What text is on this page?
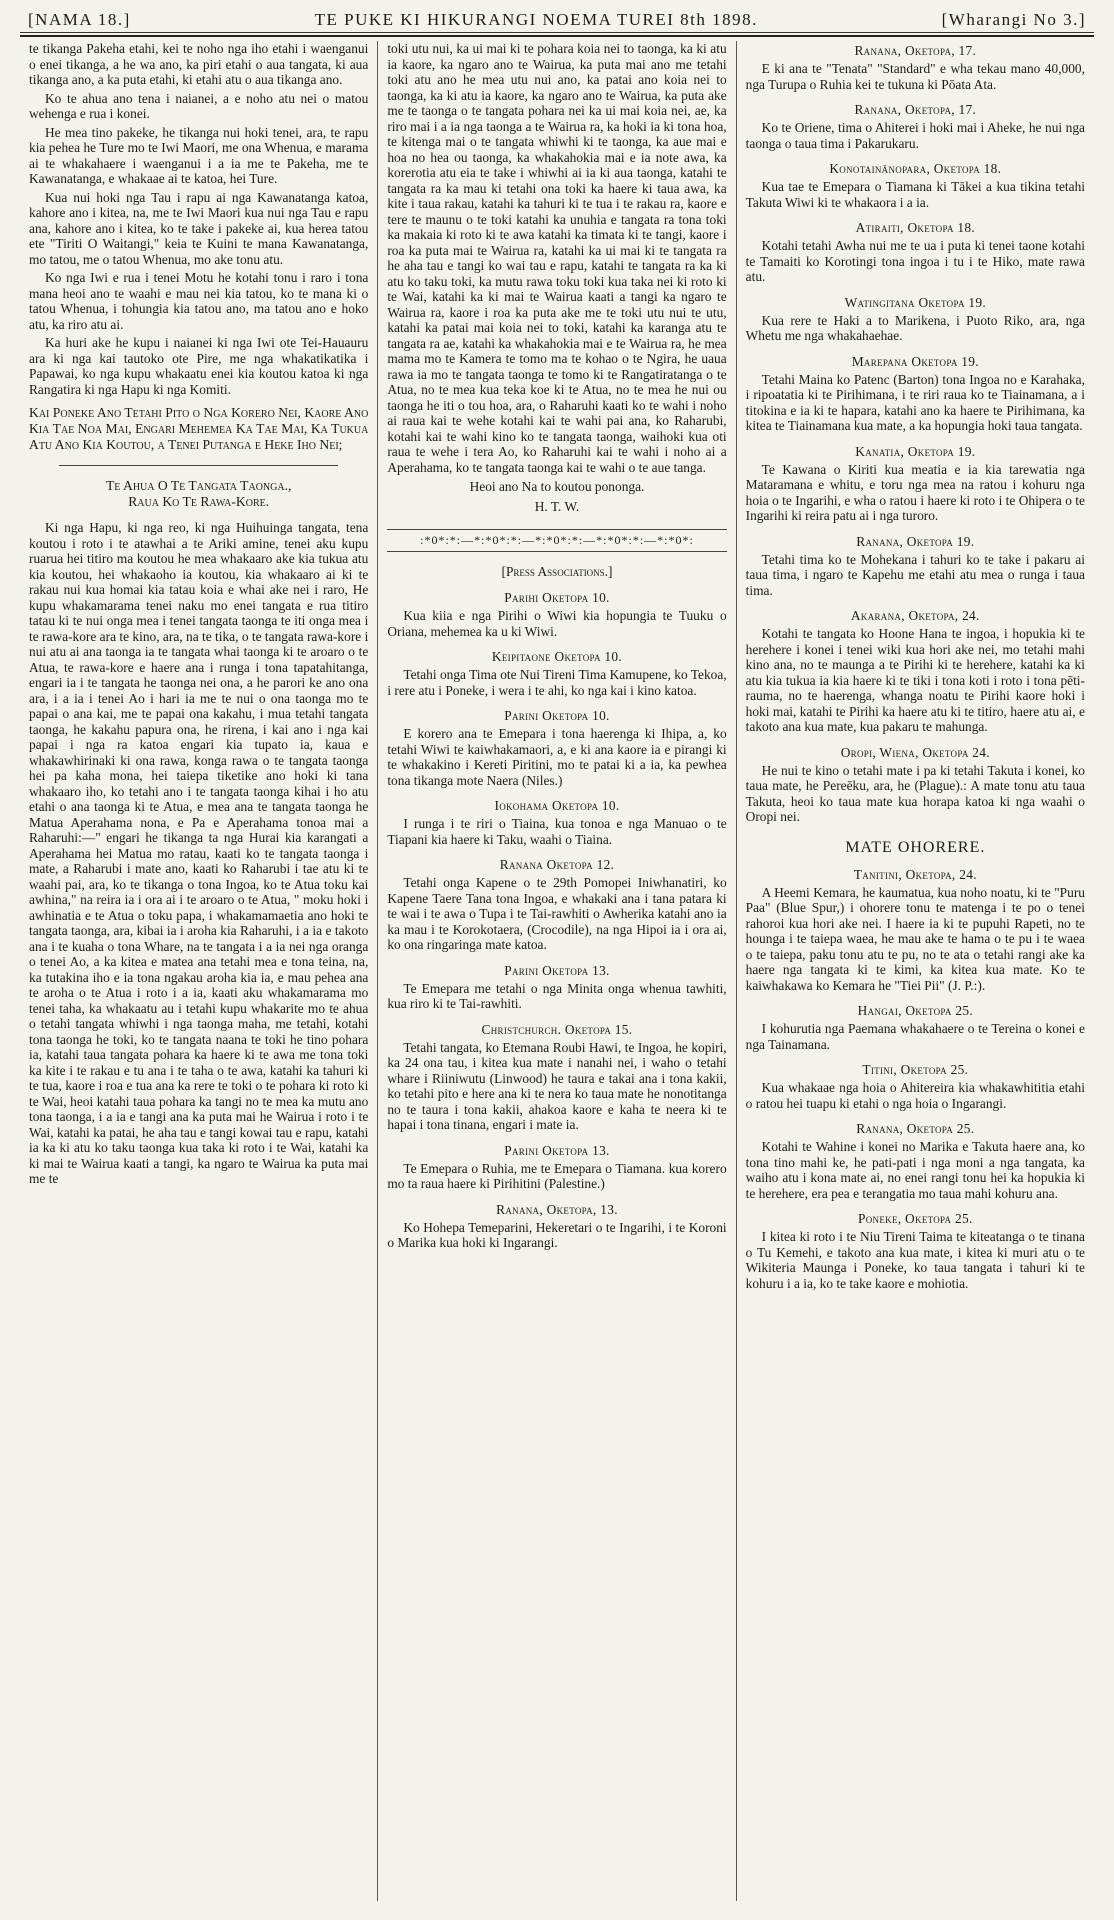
[NAMA 18.]	TE PUKE KI HIKURANGI NOEMA TUREI 8th 1898.	[Wharangi No 3.]

te tikanga Pakeha etahi, kei te noho nga iho etahi i waenganui o enei tikanga, a he wa ano, ka piri etahi o aua tangata, ki aua tikanga ano, a ka puta etahi, ki etahi atu o aua tikanga ano.

Ko te ahua ano tena i naianei, a e noho atu nei o matou wehenga e rua i konei.

He mea tino pakeke, he tikanga nui hoki tenei, ara, te rapu kia pehea he Ture mo te Iwi Maori, me ona Whenua, e marama ai te whakahaere i waenganui i a ia me te Pakeha, me te Kawanatanga, e whakaae ai te katoa, hei Ture.

Kua nui hoki nga Tau i rapu ai nga Kawanatanga katoa, kahore ano i kitea, na, me te Iwi Maori kua nui nga Tau e rapu ana, kahore ano i kitea, ko te take i pakeke ai, kua herea tatou ete "Tiriti O Waitangi," keia te Kuini te mana Kawanatanga, mo tatou, me o tatou Whenua, mo ake tonu atu.

Ko nga Iwi e rua i tenei Motu he kotahi tonu i raro i tona mana heoi ano te waahi e mau nei kia tatou, ko te mana ki o tatou Whenua, i tohungia kia tatou ano, ma tatou ano e hoko atu, ka riro atu ai.

Ka huri ake he kupu i naianei ki nga Iwi ote Tei-Hauauru ara ki nga kai tautoko ote Pire, me nga whakatikatika i Papawai, ko nga kupu whakaatu enei kia koutou katoa ki nga Rangatira ki nga Hapu ki nga Komiti.

Kai Poneke Ano Tetahi Pito o Nga Korero Nei, Kaore Ano Kia Tae Noa Mai, Engari Mehemea Ka Tae Mai, Ka Tukua Atu Ano Kia Koutou, a Tenei Putanga e Heke Iho Nei;
Te Ahua O Te Tangata Taonga.,
Raua Ko Te Rawa-Kore.

Ki nga Hapu, ki nga reo, ki nga Huihuinga tangata, tena koutou i roto i te atawhai a te Ariki amine, tenei aku kupu ruarua hei titiro ma koutou he mea whakaaro ake kia tukua atu kia koutou, hei whakaoho ia koutou, kia whakaaro ai ki te rakau nui kua homai kia tatau koia e whai ake nei i raro, He kupu whakamarama tenei naku mo enei tangata e rua titiro tatau ki te nui onga mea i tenei tangata taonga te iti onga mea i te rawa-kore ara te kino, ara, na te tika, o te tangata rawa-kore i nui atu ai ana taonga ia te tangata whai taonga ki te aroaro o te Atua, te rawa-kore e haere ana i runga i tona tapatahitanga, engari ia i te tangata he taonga nei ona, a he parori ke ano ona ara, i a ia i tenei Ao i hari ia me te nui o ona taonga mo te papai o ana kai, me te papai ona kakahu, i mua tetahi tangata taonga, he kakahu papura ona, he rirena, i kai ano i nga kai papai i nga ra katoa engari kia tupato ia, kaua e whakawhirinaki ki ona rawa, konga rawa o te tangata taonga hei pa kaha mona, hei taiepa tiketike ano hoki ki tana whakaaro iho, ko tetahi ano i te tangata taonga kihai i ho atu etahi o ana taonga ki te Atua, e mea ana te tangata taonga he Matua Aperahama nona, e Pa e Aperahama tonoa mai a Raharuhi:—" engari he tikanga ta nga Hurai kia karangati a Aperahama hei Matua mo ratau, kaati ko te tangata taonga i mate, a Raharubi i mate ano, kaati ko Raharubi i tae atu ki te waahi pai, ara, ko te tikanga o tona Ingoa, ko te Atua toku kai awhina," na reira ia i ora ai i te aroaro o te Atua, " moku hoki i awhinatia e te Atua o toku papa, i whakamamaetia ano hoki te tangata taonga, ara, kibai ia i aroha kia Raharuhi, i a ia e takoto ana i te kuaha o tona Whare, na te tangata i a ia nei nga oranga o tenei Ao, a ka kitea e matea ana tetahi mea e tona teina, na, ka tutakina iho e ia tona ngakau aroha kia ia, e mau pehea ana te aroha o te Atua i roto i a ia, kaati aku whakamarama mo tenei taha, ka whakaatu au i tetahi kupu whakarite mo te ahua o tetahi tangata whiwhi i nga taonga maha, me tetahi, kotahi tona taonga he toki, ko te tangata naana te toki he tino pohara ia, katahi taua tangata pohara ka haere ki te awa me tona toki ka kite i te rakau e tu ana i te taha o te awa, katahi ka tahuri ki te tua, kaore i roa e tua ana ka rere te toki o te pohara ki roto ki te Wai, heoi katahi taua pohara ka tangi no te mea ka mutu ano tona taonga, i a ia e tangi ana ka puta mai he Wairua i roto i te Wai, katahi ka patai, he aha tau e tangi kowai tau e rapu, katahi ia ka ki atu ko taku taonga kua taka ki roto i te Wai, katahi ka ki mai te Wairua kaati a tangi, ka ngaro te Wairua ka puta mai me te

toki utu nui, ka ui mai ki te pohara koia nei to taonga, ka ki atu ia kaore, ka ngaro ano te Wairua, ka puta mai ano me tetahi toki atu ano he mea utu nui ano, ka patai ano koia nei to taonga, ka ki atu ia kaore, ka ngaro ano te Wairua, ka puta ake me te taonga o te tangata pohara nei ka ui mai koia nei, ae, ka riro mai i a ia nga taonga a te Wairua ra, ka hoki ia ki tona hoa, te kitenga mai o te tangata whiwhi ki te taonga, ka aue mai e hoa no hea ou taonga, ka whakahokia mai e ia note awa, ka korerotia atu eia te take i whiwhi ai ia ki aua taonga, katahi te tangata ra ka mau ki tetahi ona toki ka haere ki taua awa, ka kite i taua rakau, katahi ka tahuri ki te tua i te rakau ra, kaore e tere te maunu o te toki katahi ka unuhia e tangata ra tona toki ka makaia ki roto ki te awa katahi ka timata ki te tangi, kaore i roa ka puta mai te Wairua ra, katahi ka ui mai ki te tangata ra he aha tau e tangi ko wai tau e rapu, katahi te tangata ra ka ki atu ko taku toki, ka mutu rawa toku toki kua taka nei ki roto ki te Wai, katahi ka ki mai te Wairua kaati a tangi ka ngaro te Wairua ra, kaore i roa ka puta ake me te toki utu nui te utu, katahi ka patai mai koia nei to toki, katahi ka karanga atu te tangata ra ae, katahi ka whakahokia mai e te Wairua ra, he mea mama mo te Kamera te tomo ma te kohao o te Ngira, he uaua rawa ia mo te tangata taonga te tomo ki te Rangatiratanga o te Atua, no te mea kua teka koe ki te Atua, no te mea he nui ou taonga he iti o tou hoa, ara, o Raharuhi kaati ko te wahi i noho ai raua kai te wehe kotahi kai te wahi pai ana, ko Raharubi, kotahi kai te wahi kino ko te tangata taonga, waihoki kua oti raua te wehe i tera Ao, ko Raharuhi kai te wahi i noho ai a Aperahama, ko te tangata taonga kai te wahi o te aue tanga.

Heoi ano Na to koutou pononga.
H. T. W.
:*0*:*:—*:*0*:*:—*:*0*:*:—*:*0*:*:—*:*0*:
[Press Associations.]
Parihi Oketopa 10.

Kua kiia e nga Pirihi o Wiwi kia hopungia te Tuuku o Oriana, mehemea ka u ki Wiwi.

Keipitaone Oketopa 10.

Tetahi onga Tima ote Nui Tireni Tima Kamupene, ko Tekoa, i rere atu i Poneke, i wera i te ahi, ko nga kai i kino katoa.

Parini Oketopa 10.

E korero ana te Emepara i tona haerenga ki Ihipa, a, ko tetahi Wiwi te kaiwhakamaori, a, e ki ana kaore ia e pirangi ki te whakakino i Kereti Piritini, mo te patai ki a ia, ka pewhea tona tikanga mote Naera (Niles.)

Iokohama Oketopa 10.

I runga i te riri o Tiaina, kua tonoa e nga Manuao o te Tiapani kia haere ki Taku, waahi o Tiaina.

Ranana Oketopa 12.

Tetahi onga Kapene o te 29th Pomopei Iniwhanatiri, ko Kapene Taere Tana tona Ingoa, e whakaki ana i tana patara ki te wai i te awa o Tupa i te Tai-rawhiti o Awherika katahi ano ia ka mau i te Korokotaera, (Crocodile), na nga Hipoi ia i ora ai, ko ona ringaringa mate katoa.

Parini Oketopa 13.

Te Emepara me tetahi o nga Minita onga whenua tawhiti, kua riro ki te Tai-rawhiti.

Christchurch. Oketopa 15.

Tetahi tangata, ko Etemana Roubi Hawi, te Ingoa, he kopiri, ka 24 ona tau, i kitea kua mate i nanahi nei, i waho o tetahi whare i Riiniwutu (Linwood) he taura e takai ana i tona kakii, ko tetahi pito e here ana ki te nera ko taua mate he nonotitanga no te taura i tona kakii, ahakoa kaore e kaha te neera ki te hapai i tona tinana, engari i mate ia.

Parini Oketopa 13.

Te Emepara o Ruhia, me te Emepara o Tiamana. kua korero mo ta raua haere ki Pirihitini (Palestine.)

Ranana, Oketopa, 13.

Ko Hohepa Temeparini, Hekeretari o te Ingarihi, i te Koroni o Marika kua hoki ki Ingarangi.

Ranana, Oketopa, 17.

E ki ana te "Tenata" "Standard" e wha tekau mano 40,000, nga Turupa o Ruhia kei te tukuna ki Pōata Ata.

Ranana, Oketopa, 17.

Ko te Oriene, tima o Ahiterei i hoki mai i Aheke, he nui nga taonga o taua tima i Pakarukaru.

Konotainānopara, Oketopa 18.

Kua tae te Emepara o Tiamana ki Tākei a kua tikina tetahi Takuta Wiwi ki te whakaora i a ia.

Atiraiti, Oketopa 18.

Kotahi tetahi Awha nui me te ua i puta ki tenei taone kotahi te Tamaiti ko Korotingi tona ingoa i tu i te Hiko, mate rawa atu.

Watingitana Oketopa 19.

Kua rere te Haki a to Marikena, i Puoto Riko, ara, nga Whetu me nga whakahaehae.

Marepana Oketopa 19.

Tetahi Maina ko Patenc (Barton) tona Ingoa no e Karahaka, i ripoatatia ki te Pirihimana, i te riri raua ko te Tiainamana, a i titokina e ia ki te hapara, katahi ano ka haere te Pirihimana, ka kitea te Tiainamana kua mate, a ka hopungia hoki taua tangata.

Kanatia, Oketopa 19.

Te Kawana o Kiriti kua meatia e ia kia tarewatia nga Mataramana e whitu, e toru nga mea na ratou i kohuru nga hoia o te Ingarihi, e wha o ratou i haere ki roto i te Ohipera o te Ingarihi ki reira patu ai i nga turoro.

Ranana, Oketopa 19.

Tetahi tima ko te Mohekana i tahuri ko te take i pakaru ai taua tima, i ngaro te Kapehu me etahi atu mea o runga i taua tima.

Akarana, Oketopa, 24.

Kotahi te tangata ko Hoone Hana te ingoa, i hopukia ki te herehere i konei i tenei wiki kua hori ake nei, mo tetahi mahi kino ana, no te maunga a te Pirihi ki te herehere, katahi ka ki atu kia tukua ia kia haere ki te tiki i tona koti i roto i tona pēti-rauma, no te haerenga, whanga noatu te Pirihi kaore hoki i hoki mai, katahi te Pirihi ka haere atu ki te titiro, haere atu ai, e takoto ana kua mate, kua pakaru te mahunga.

Oropi, Wiena, Oketopa 24.

He nui te kino o tetahi mate i pa ki tetahi Takuta i konei, ko taua mate, he Pereēku, ara, he (Plague).: A mate tonu atu taua Takuta, heoi ko taua mate kua horapa katoa ki nga waahi o Oropi nei.

MATE OHORERE.
Tanitini, Oketopa, 24.

A Heemi Kemara, he kaumatua, kua noho noatu, ki te "Puru Paa" (Blue Spur,) i ohorere tonu te matenga i te po o tenei rahoroi kua hori ake nei. I haere ia ki te pupuhi Rapeti, no te hounga i te taiepa waea, he mau ake te hama o te pu i te waea o te taiepa, paku tonu atu te pu, no te ata o tetahi rangi ake ka haere nga tangata ki te kimi, ka kitea kua mate. Ko te kaiwhakawa ko Kemara he "Tiei Pii" (J. P.:).

Hangai, Oketopa 25.

I kohurutia nga Paemana whakahaere o te Tereina o konei e nga Tainamana.

Titini, Oketopa 25.

Kua whakaae nga hoia o Ahitereira kia whakawhititia etahi o ratou hei tuapu ki etahi o nga hoia o Ingarangi.

Ranana, Oketopa 25.

Kotahi te Wahine i konei no Marika e Takuta haere ana, ko tona tino mahi ke, he pati-pati i nga moni a nga tangata, ka waiho atu i kona mate ai, no enei rangi tonu hei ka hopukia ki te herehere, era pea e terangatia mo taua mahi kohuru ana.

Poneke, Oketopa 25.

I kitea ki roto i te Niu Tireni Taima te kiteatanga o te tinana o Tu Kemehi, e takoto ana kua mate, i kitea ki muri atu o te Wikiteria Maunga i Poneke, ko taua tangata i tahuri ki te kohuru i a ia, ko te take kaore e mohiotia.
